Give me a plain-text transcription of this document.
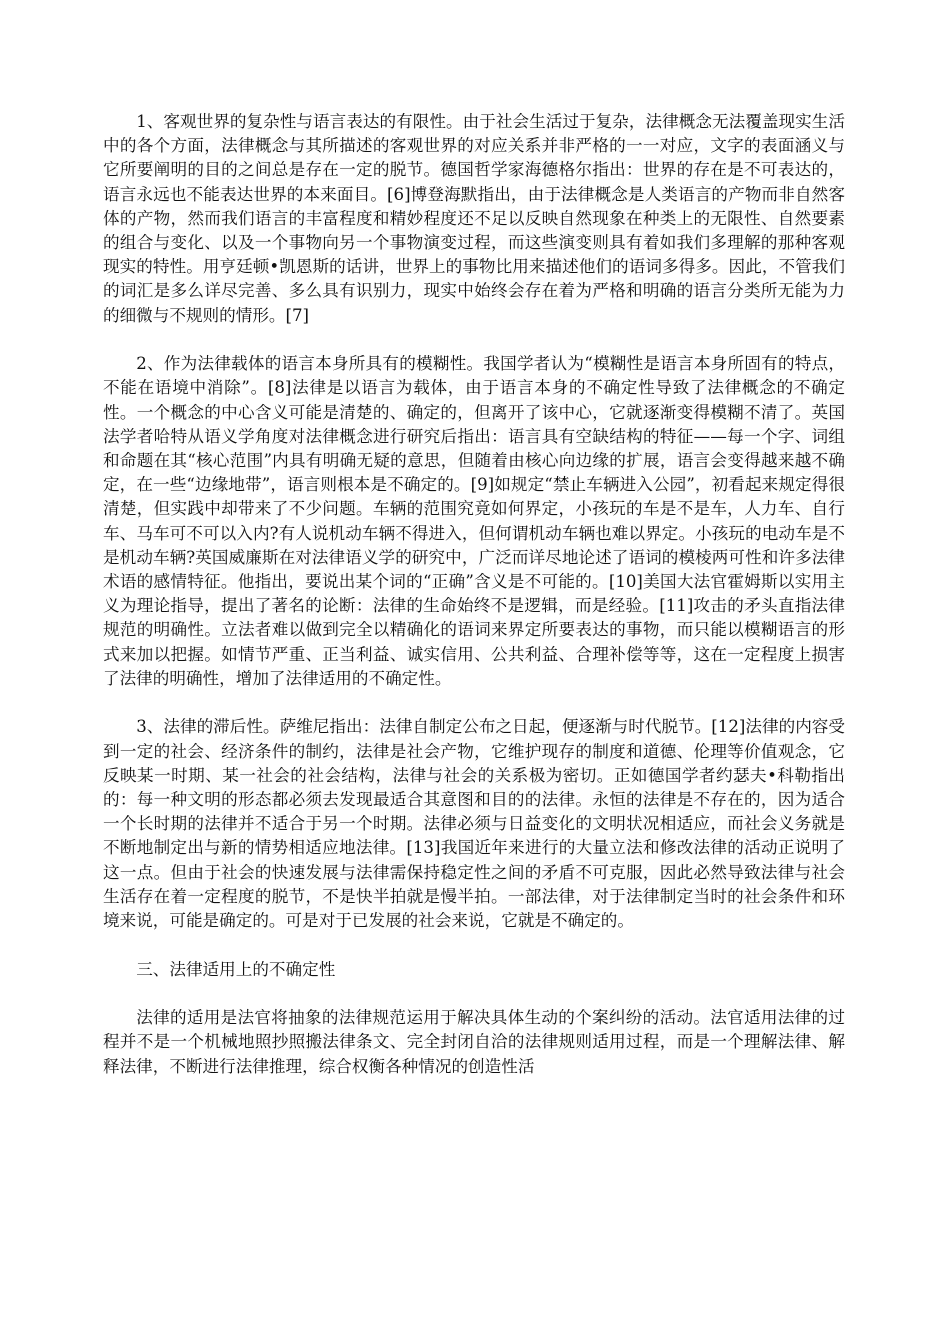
1、客观世界的复杂性与语言表达的有限性。由于社会生活过于复杂，法律概念无法覆盖现实生活中的各个方面，法律概念与其所描述的客观世界的对应关系并非严格的一一对应，文字的表面涵义与它所要阐明的目的之间总是存在一定的脱节。德国哲学家海德格尔指出：世界的存在是不可表达的，语言永远也不能表达世界的本来面目。[6]博登海默指出，由于法律概念是人类语言的产物而非自然客体的产物，然而我们语言的丰富程度和精妙程度还不足以反映自然现象在种类上的无限性、自然要素的组合与变化、以及一个事物向另一个事物演变过程，而这些演变则具有着如我们多理解的那种客观现实的特性。用亨廷顿•凯恩斯的话讲，世界上的事物比用来描述他们的语词多得多。因此，不管我们的词汇是多么详尽完善、多么具有识别力，现实中始终会存在着为严格和明确的语言分类所无能为力的细微与不规则的情形。[7]

2、作为法律载体的语言本身所具有的模糊性。我国学者认为“模糊性是语言本身所固有的特点，不能在语境中消除”。[8]法律是以语言为载体，由于语言本身的不确定性导致了法律概念的不确定性。一个概念的中心含义可能是清楚的、确定的，但离开了该中心，它就逐渐变得模糊不清了。英国法学者哈特从语义学角度对法律概念进行研究后指出：语言具有空缺结构的特征——每一个字、词组和命题在其“核心范围”内具有明确无疑的意思，但随着由核心向边缘的扩展，语言会变得越来越不确定，在一些“边缘地带”，语言则根本是不确定的。[9]如规定“禁止车辆进入公园”，初看起来规定得很清楚，但实践中却带来了不少问题。车辆的范围究竟如何界定，小孩玩的车是不是车，人力车、自行车、马车可不可以入内?有人说机动车辆不得进入，但何谓机动车辆也难以界定。小孩玩的电动车是不是机动车辆?英国威廉斯在对法律语义学的研究中，广泛而详尽地论述了语词的模棱两可性和许多法律术语的感情特征。他指出，要说出某个词的“正确”含义是不可能的。[10]美国大法官霍姆斯以实用主义为理论指导，提出了著名的论断：法律的生命始终不是逻辑，而是经验。[11]攻击的矛头直指法律规范的明确性。立法者难以做到完全以精确化的语词来界定所要表达的事物，而只能以模糊语言的形式来加以把握。如情节严重、正当利益、诚实信用、公共利益、合理补偿等等，这在一定程度上损害了法律的明确性，增加了法律适用的不确定性。

3、法律的滞后性。萨维尼指出：法律自制定公布之日起，便逐渐与时代脱节。[12]法律的内容受到一定的社会、经济条件的制约，法律是社会产物，它维护现存的制度和道德、伦理等价值观念，它反映某一时期、某一社会的社会结构，法律与社会的关系极为密切。正如德国学者约瑟夫•科勒指出的：每一种文明的形态都必须去发现最适合其意图和目的的法律。永恒的法律是不存在的，因为适合一个长时期的法律并不适合于另一个时期。法律必须与日益变化的文明状况相适应，而社会义务就是不断地制定出与新的情势相适应地法律。[13]我国近年来进行的大量立法和修改法律的活动正说明了这一点。但由于社会的快速发展与法律需保持稳定性之间的矛盾不可克服，因此必然导致法律与社会生活存在着一定程度的脱节，不是快半拍就是慢半拍。一部法律，对于法律制定当时的社会条件和环境来说，可能是确定的。可是对于已发展的社会来说，它就是不确定的。

三、法律适用上的不确定性

法律的适用是法官将抽象的法律规范运用于解决具体生动的个案纠纷的活动。法官适用法律的过程并不是一个机械地照抄照搬法律条文、完全封闭自洽的法律规则适用过程，而是一个理解法律、解释法律，不断进行法律推理，综合权衡各种情况的创造性活
